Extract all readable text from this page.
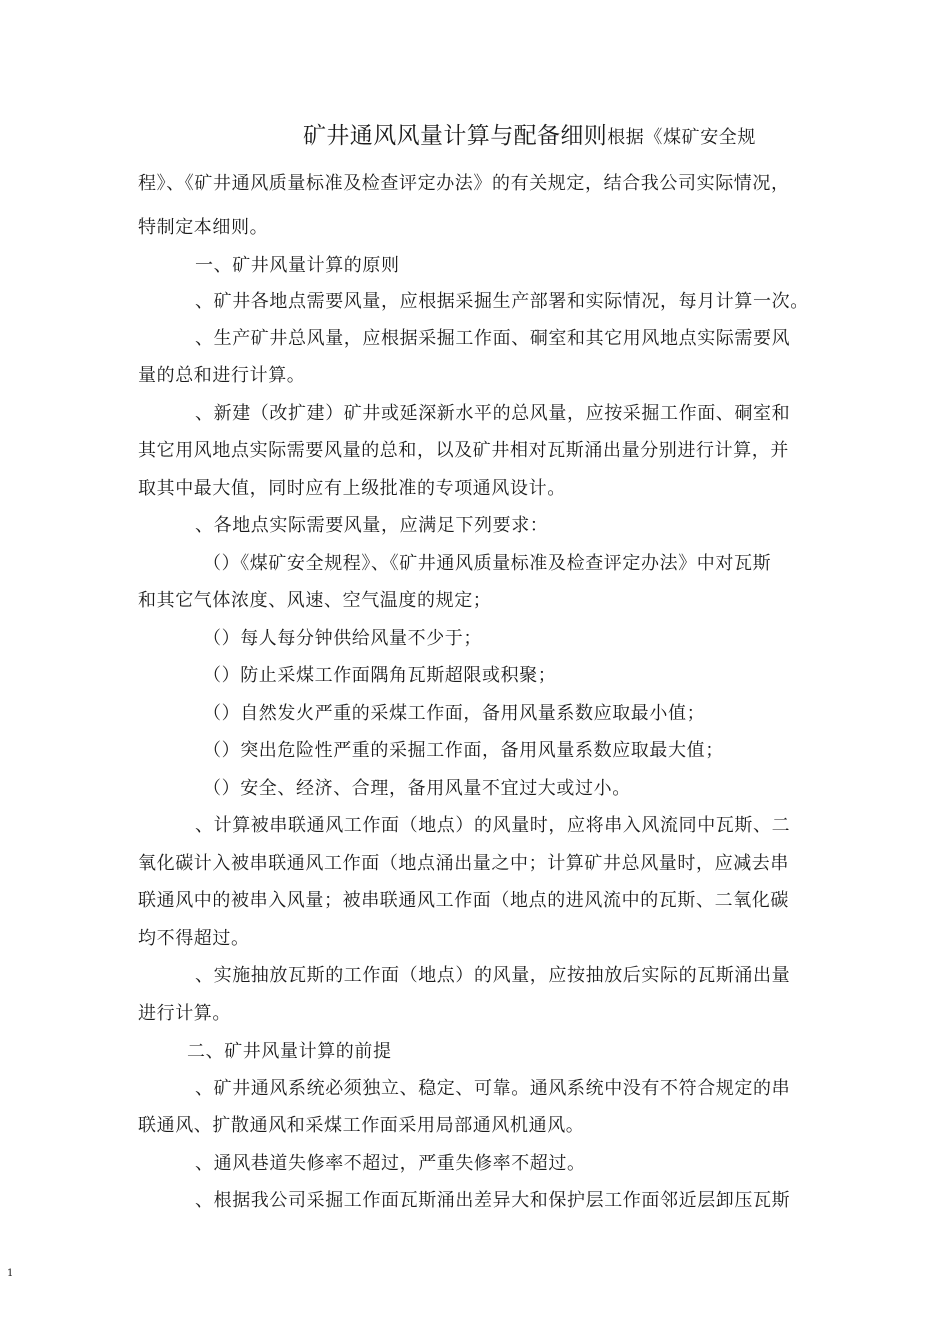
矿井通风风量计算与配备细则根据《煤矿安全规
程》、《矿井通风质量标准及检查评定办法》的有关规定，结合我公司实际情况，
特制定本细则。
一、矿井风量计算的原则
、矿井各地点需要风量，应根据采掘生产部署和实际情况，每月计算一次。
、生产矿井总风量，应根据采掘工作面、硐室和其它用风地点实际需要风
量的总和进行计算。
、新建（改扩建）矿井或延深新水平的总风量，应按采掘工作面、硐室和
其它用风地点实际需要风量的总和，以及矿井相对瓦斯涌出量分别进行计算，并
取其中最大值，同时应有上级批准的专项通风设计。
、各地点实际需要风量，应满足下列要求：
（）《煤矿安全规程》、《矿井通风质量标准及检查评定办法》中对瓦斯
和其它气体浓度、风速、空气温度的规定；
（）每人每分钟供给风量不少于；
（）防止采煤工作面隅角瓦斯超限或积聚；
（）自然发火严重的采煤工作面，备用风量系数应取最小值；
（）突出危险性严重的采掘工作面，备用风量系数应取最大值；
（）安全、经济、合理，备用风量不宜过大或过小。
、计算被串联通风工作面（地点）的风量时，应将串入风流同中瓦斯、二
氧化碳计入被串联通风工作面（地点涌出量之中；计算矿井总风量时，应减去串
联通风中的被串入风量；被串联通风工作面（地点的进风流中的瓦斯、二氧化碳
均不得超过。
、实施抽放瓦斯的工作面（地点）的风量，应按抽放后实际的瓦斯涌出量
进行计算。
二、矿井风量计算的前提
、矿井通风系统必须独立、稳定、可靠。通风系统中没有不符合规定的串
联通风、扩散通风和采煤工作面采用局部通风机通风。
、通风巷道失修率不超过，严重失修率不超过。
、根据我公司采掘工作面瓦斯涌出差异大和保护层工作面邻近层卸压瓦斯
1
